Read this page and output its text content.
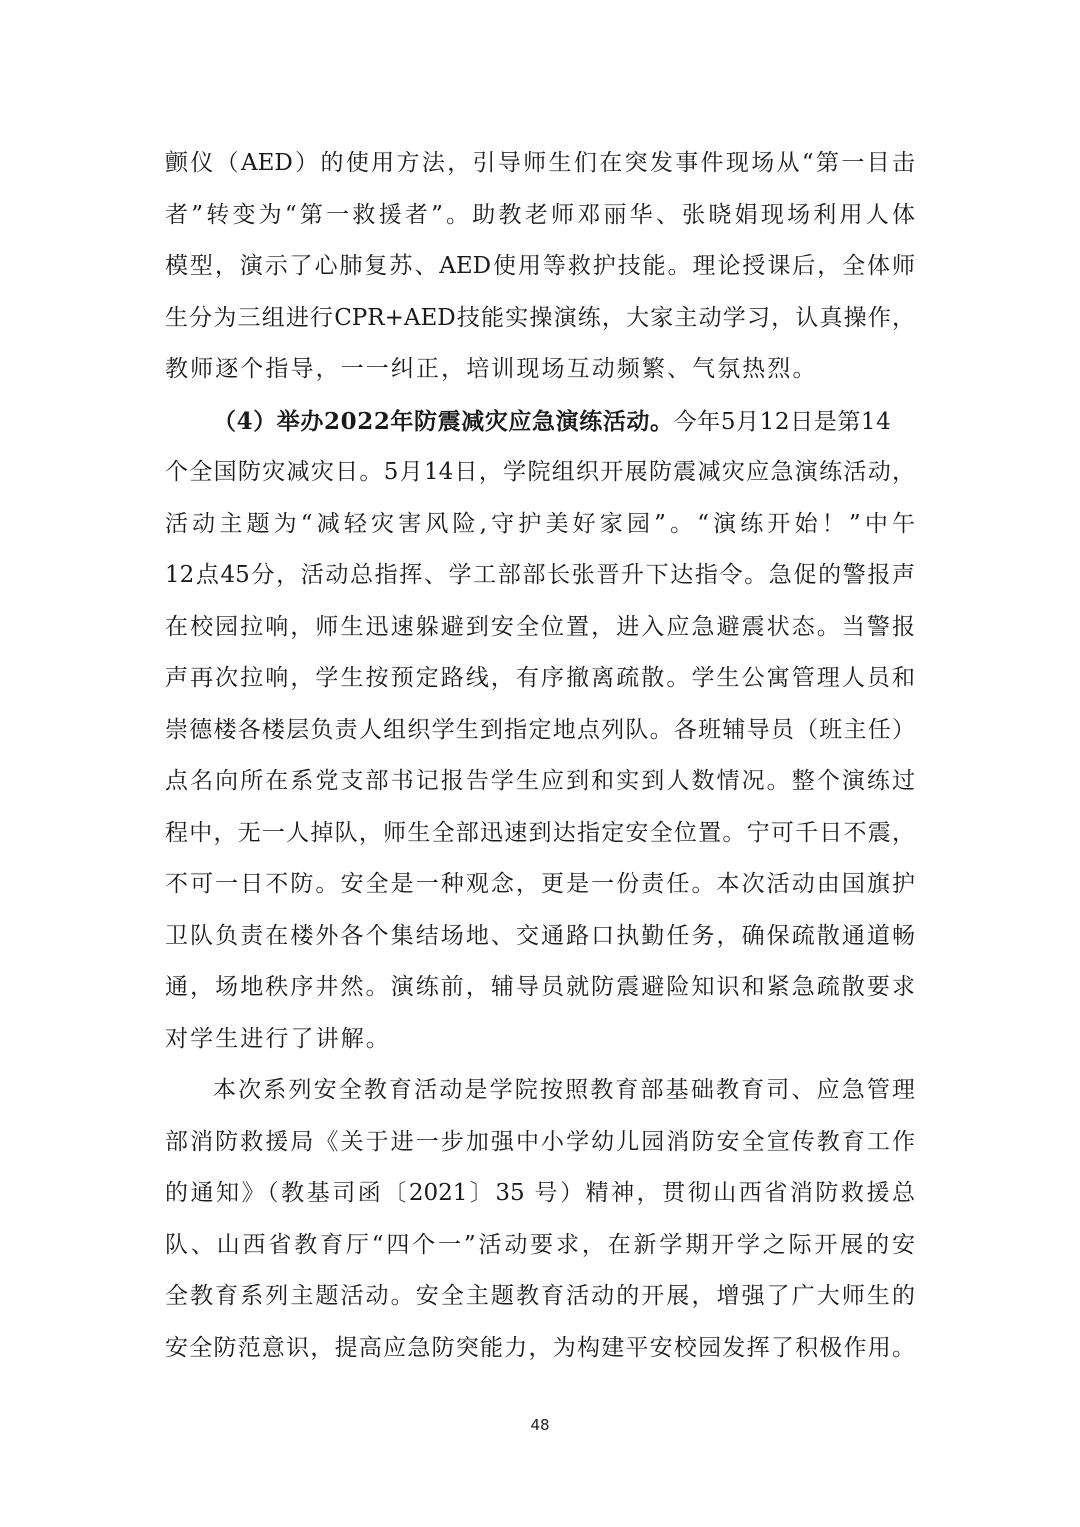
颤仪（AED）的使用方法，引导师生们在突发事件现场从“第一目击
者”转变为“第一救援者”。助教老师邓丽华、张晓娟现场利用人体
模型，演示了心肺复苏、AED使用等救护技能。理论授课后，全体师
生分为三组进行CPR+AED技能实操演练，大家主动学习，认真操作，
教师逐个指导，一一纠正，培训现场互动频繁、气氛热烈。
（4）举办2022年防震减灾应急演练活动。今年5月12日是第14
个全国防灾减灾日。5月14日，学院组织开展防震减灾应急演练活动，
活动主题为“减轻灾害风险,守护美好家园”。“演练开始！”中午
12点45分，活动总指挥、学工部部长张晋升下达指令。急促的警报声
在校园拉响，师生迅速躲避到安全位置，进入应急避震状态。当警报
声再次拉响，学生按预定路线，有序撤离疏散。学生公寓管理人员和
崇德楼各楼层负责人组织学生到指定地点列队。各班辅导员（班主任）
点名向所在系党支部书记报告学生应到和实到人数情况。整个演练过
程中，无一人掉队，师生全部迅速到达指定安全位置。宁可千日不震，
不可一日不防。安全是一种观念，更是一份责任。本次活动由国旗护
卫队负责在楼外各个集结场地、交通路口执勤任务，确保疏散通道畅
通，场地秩序井然。演练前，辅导员就防震避险知识和紧急疏散要求
对学生进行了讲解。
本次系列安全教育活动是学院按照教育部基础教育司、应急管理
部消防救援局《关于进一步加强中小学幼儿园消防安全宣传教育工作
的通知》（教基司函〔2021〕35 号）精神，贯彻山西省消防救援总
队、山西省教育厅“四个一”活动要求，在新学期开学之际开展的安
全教育系列主题活动。安全主题教育活动的开展，增强了广大师生的
安全防范意识，提高应急防突能力，为构建平安校园发挥了积极作用。
48
